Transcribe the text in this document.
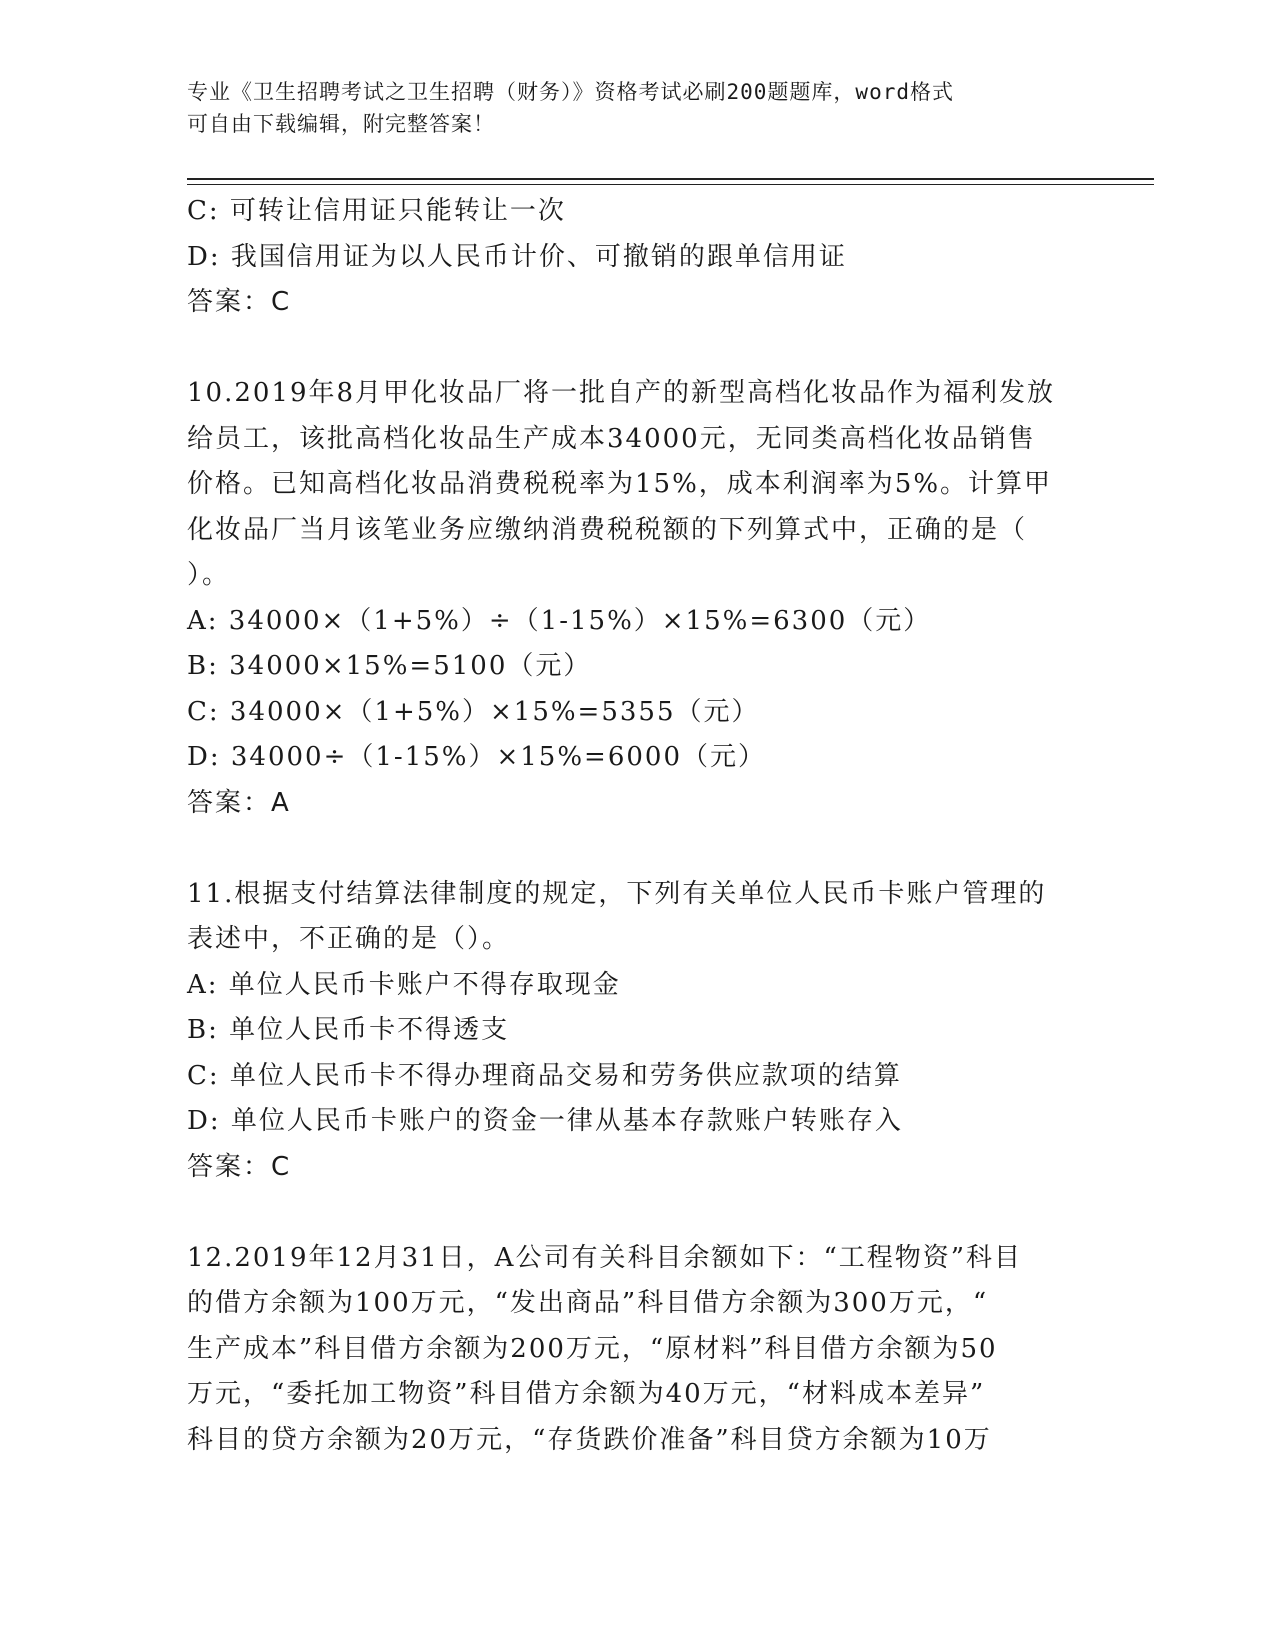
专业《卫生招聘考试之卫生招聘（财务）》资格考试必刷200题题库，word格式
可自由下载编辑，附完整答案！
C: 可转让信用证只能转让一次
D: 我国信用证为以人民币计价、可撤销的跟单信用证
答案：C
10.2019年8月甲化妆品厂将一批自产的新型高档化妆品作为福利发放
给员工，该批高档化妆品生产成本34000元，无同类高档化妆品销售
价格。已知高档化妆品消费税税率为15%，成本利润率为5%。计算甲
化妆品厂当月该笔业务应缴纳消费税税额的下列算式中，正确的是（
）。
A: 34000×（1+5%）÷（1-15%）×15%=6300（元）
B: 34000×15%=5100（元）
C: 34000×（1+5%）×15%=5355（元）
D: 34000÷（1-15%）×15%=6000（元）
答案：A
11.根据支付结算法律制度的规定，下列有关单位人民币卡账户管理的
表述中，不正确的是（）。
A: 单位人民币卡账户不得存取现金
B: 单位人民币卡不得透支
C: 单位人民币卡不得办理商品交易和劳务供应款项的结算
D: 单位人民币卡账户的资金一律从基本存款账户转账存入
答案：C
12.2019年12月31日，A公司有关科目余额如下：“工程物资”科目
的借方余额为100万元，“发出商品”科目借方余额为300万元，“
生产成本”科目借方余额为200万元，“原材料”科目借方余额为50
万元，“委托加工物资”科目借方余额为40万元，“材料成本差异”
科目的贷方余额为20万元，“存货跌价准备”科目贷方余额为10万
